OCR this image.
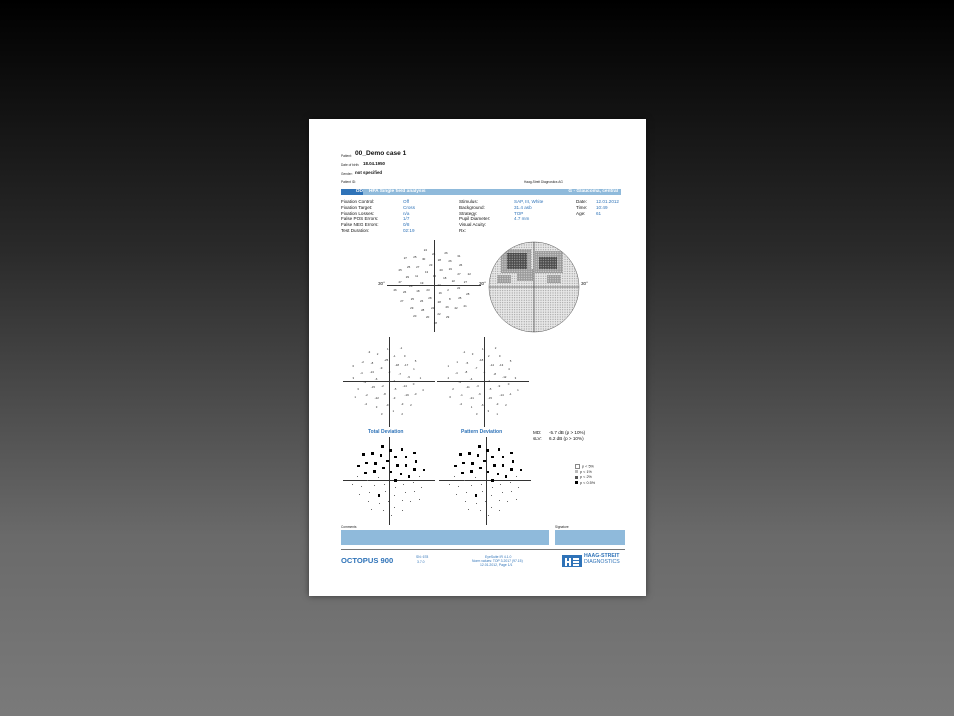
Patient: 00_Demo case 1
Date of birth: 18.04.1950
Gender: not specified
Patient ID:	Haag-Streit Diagnostics AG
OD HFA Single field analysis	G - Glaucoma, central
Fixation Control:	Off
Fixation Target:	Cross
Fixation Losses:	n/a
False POS Errors:	1/7
False NEG Errors:	0/8
Test Duration:	02:19
Stimulus:	SAP, III, White
Background:	31.4 asb
Strategy:	TOP
Pupil Diameter:	4.7 mm
Visual Acuity:
Rx:
Date: 12.01.2012
Time: 10:49
Age: 61
30°	30°
14
23
15
16
19
18
28
13
2
18
20
28
11
22
26
23
8
26
19
24
27
22
25
28
26
29
27
28
30
25
26
26
22
25
27
29
28
22
27
26
20
25
28
27
26
29
25
22
20
24
21
26
31
28
27
30°
-4
-2
-3
-5
-6
-7
-8
-9
-14
-15
-18
-3
-13
-9
-22
-25
-19
-4
-17
-9
-8
0
-2
-1
-3
-4
1
3
2
-3
3
0
1
-2
1
-2
1
2
3
5
3
-3
4
1
-1
2
0
-2
-3
-1
-5
-4
-8
-6
-7
-9
-11
-14
-15
-8
-12
-21
-18
-14
-2
-13
-6
-5
0
-1
2
-3
-4
4
1
3
-1
2
0
3
1
3
-2
1
2
4
5
3
-1
1
0
2
1
1
Total Deviation	Pattern Deviation	MD: -5.7 dB (p > 10%)
sLV: 6.2 dB (p > 10%)
p < 5%
p < 1%
p < 2%
p < 0.5%
Comments	Signature
OCTOPUS 900	SN: 678
3.7.0
EyeSuite IR 4.1.0
Norm values: TOP 3.2017 (97.15)
12.01.2012, Page 1/1
HAAG-STREIT
DIAGNOSTICS
